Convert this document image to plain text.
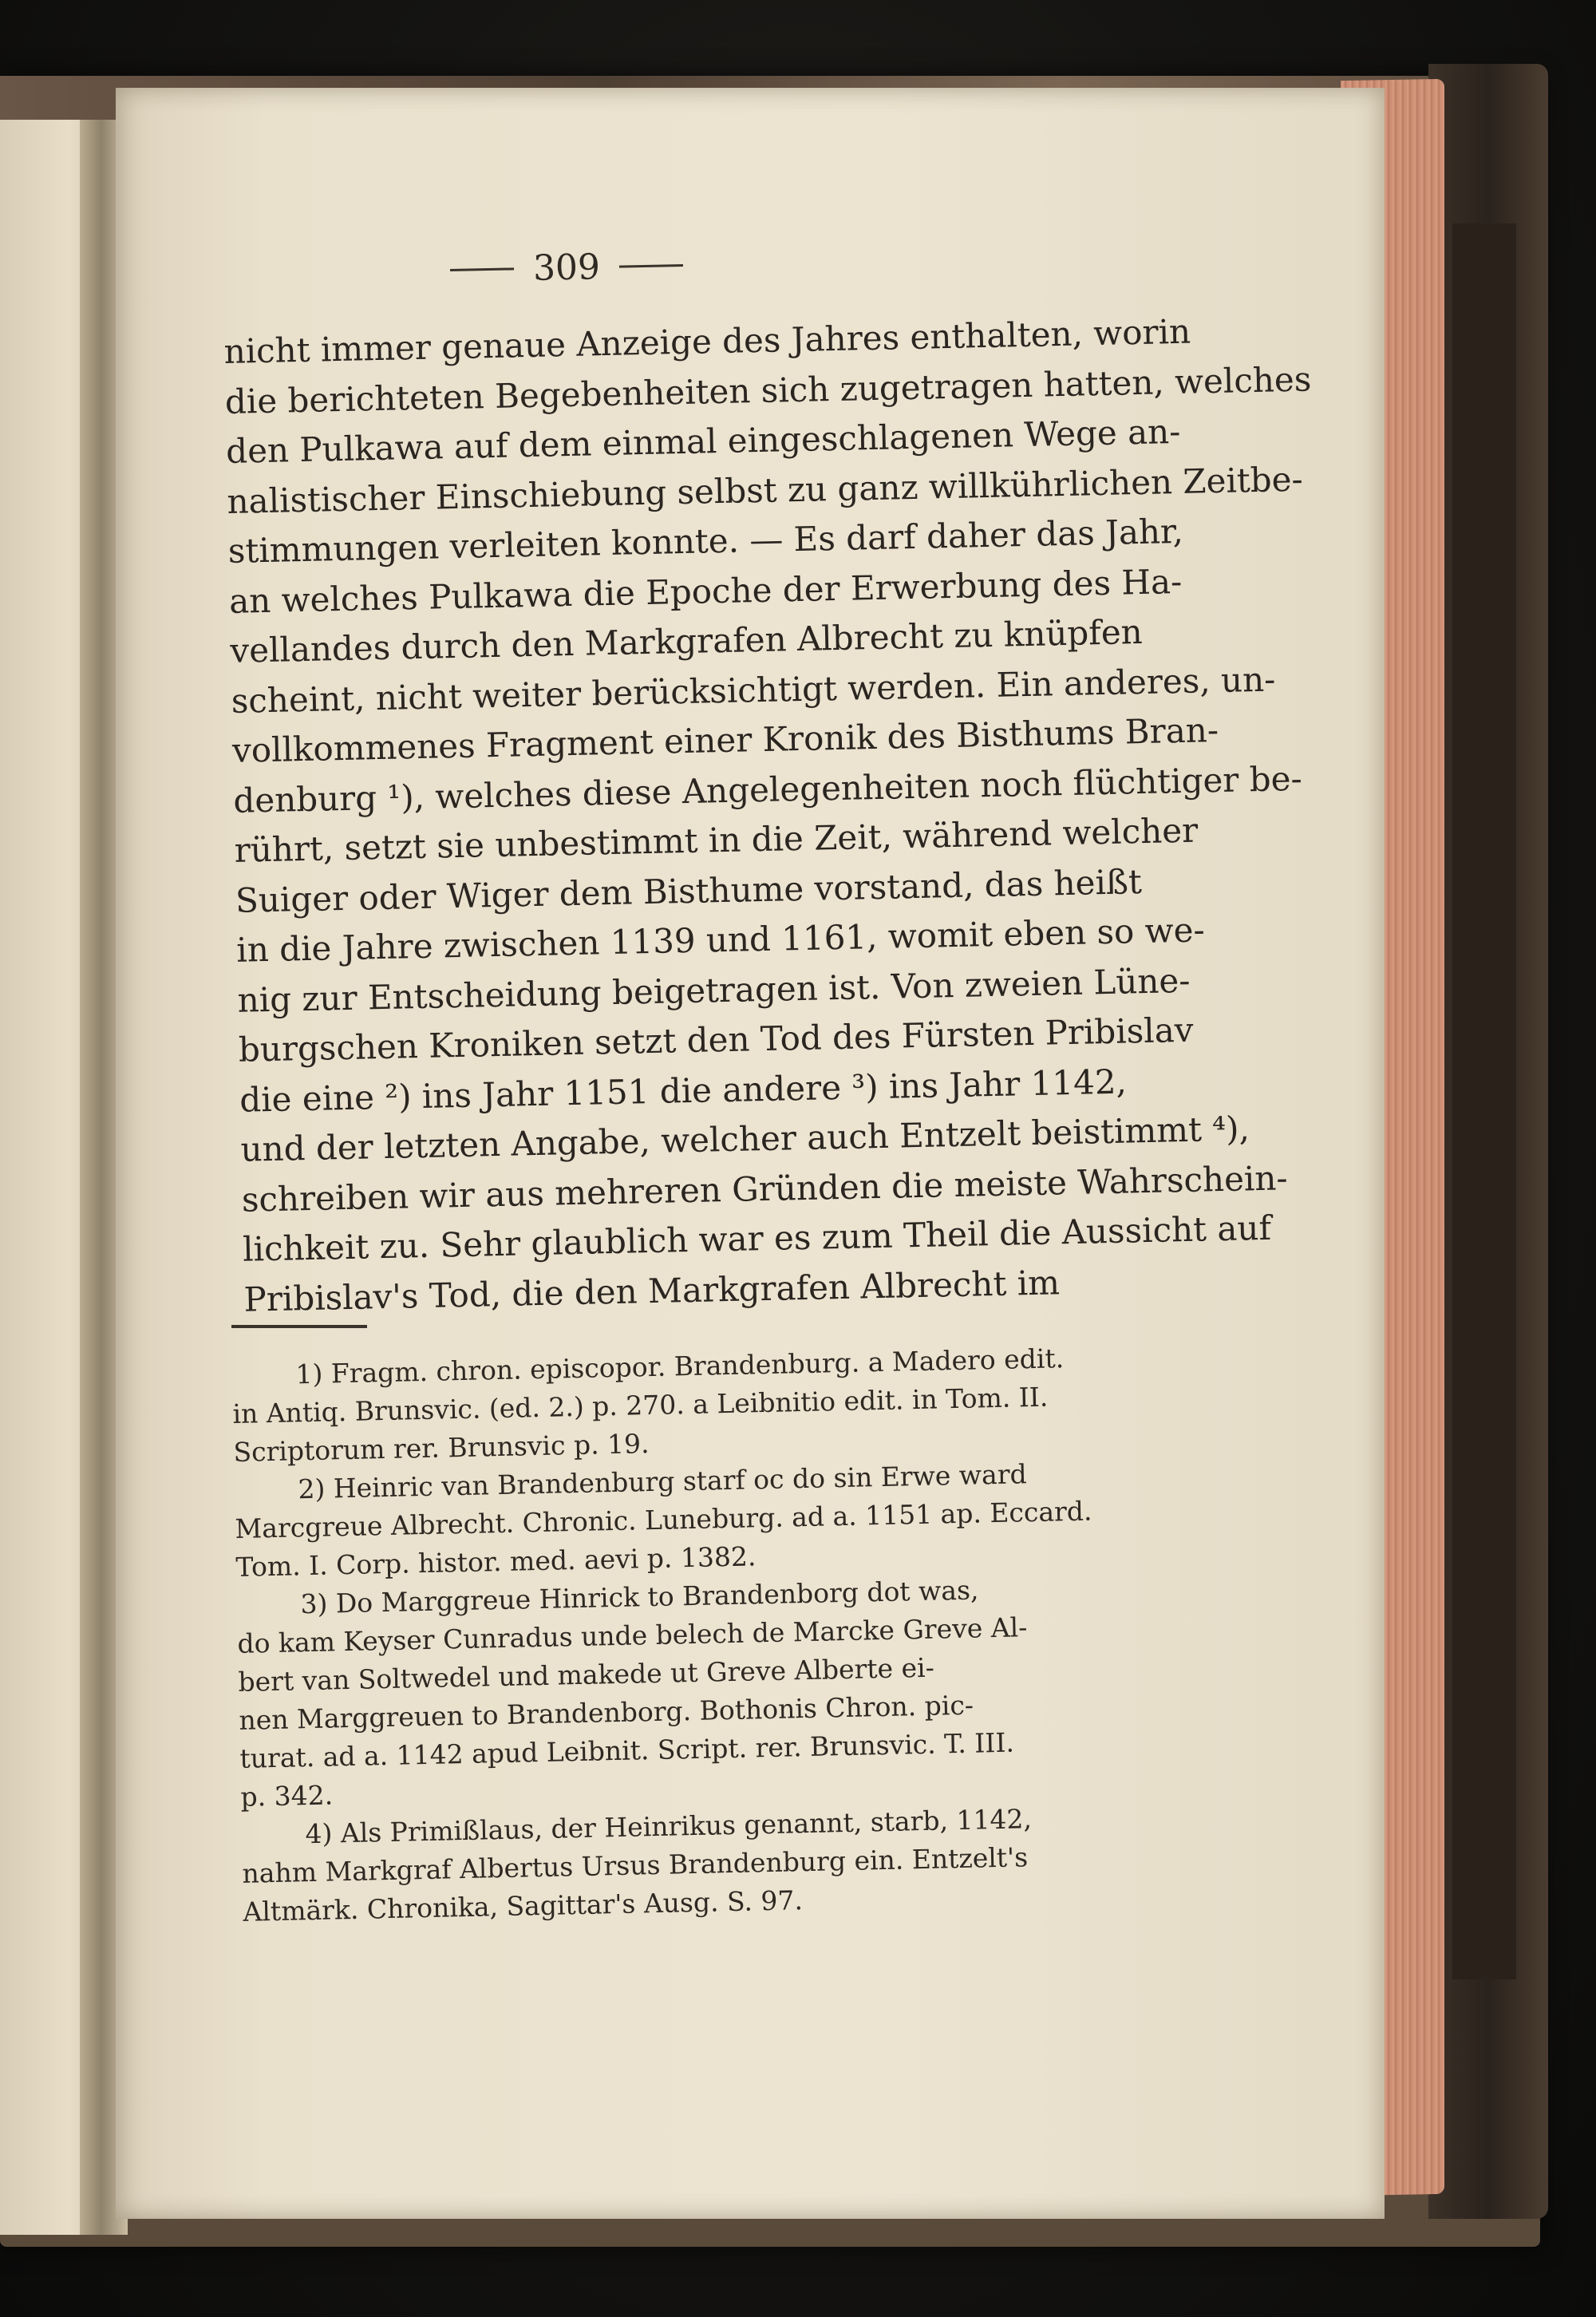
309
nicht immer genaue Anzeige des Jahres enthalten, worin
die berichteten Begebenheiten sich zugetragen hatten, welches
den Pulkawa auf dem einmal eingeschlagenen Wege an-
nalistischer Einschiebung selbst zu ganz willkührlichen Zeitbe-
stimmungen verleiten konnte. — Es darf daher das Jahr,
an welches Pulkawa die Epoche der Erwerbung des Ha-
vellandes durch den Markgrafen Albrecht zu knüpfen
scheint, nicht weiter berücksichtigt werden. Ein anderes, un-
vollkommenes Fragment einer Kronik des Bisthums Bran-
denburg ¹), welches diese Angelegenheiten noch flüchtiger be-
rührt, setzt sie unbestimmt in die Zeit, während welcher
Suiger oder Wiger dem Bisthume vorstand, das heißt
in die Jahre zwischen 1139 und 1161, womit eben so we-
nig zur Entscheidung beigetragen ist. Von zweien Lüne-
burgschen Kroniken setzt den Tod des Fürsten Pribislav
die eine ²) ins Jahr 1151 die andere ³) ins Jahr 1142,
und der letzten Angabe, welcher auch Entzelt beistimmt ⁴),
schreiben wir aus mehreren Gründen die meiste Wahrschein-
lichkeit zu. Sehr glaublich war es zum Theil die Aussicht auf
Pribislav's Tod, die den Markgrafen Albrecht im
1) Fragm. chron. episcopor. Brandenburg. a Madero edit.
in Antiq. Brunsvic. (ed. 2.) p. 270. a Leibnitio edit. in Tom. II.
Scriptorum rer. Brunsvic p. 19.
2) Heinric van Brandenburg starf oc do sin Erwe ward
Marcgreue Albrecht. Chronic. Luneburg. ad a. 1151 ap. Eccard.
Tom. I. Corp. histor. med. aevi p. 1382.
3) Do Marggreue Hinrick to Brandenborg dot was,
do kam Keyser Cunradus unde belech de Marcke Greve Al-
bert van Soltwedel und makede ut Greve Alberte ei-
nen Marggreuen to Brandenborg. Bothonis Chron. pic-
turat. ad a. 1142 apud Leibnit. Script. rer. Brunsvic. T. III.
p. 342.
4) Als Primißlaus, der Heinrikus genannt, starb, 1142,
nahm Markgraf Albertus Ursus Brandenburg ein. Entzelt's
Altmärk. Chronika, Sagittar's Ausg. S. 97.
